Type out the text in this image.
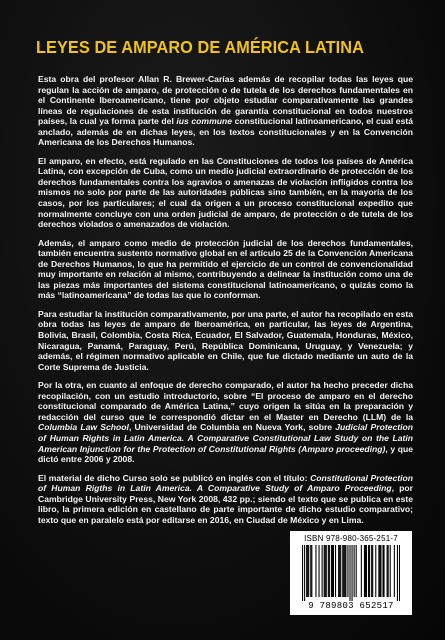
LEYES DE AMPARO DE AMÉRICA LATINA

Esta obra del profesor Allan R. Brewer-Carías además de recopilar todas las leyes que regulan la acción de amparo, de protección o de tutela de los derechos fundamentales en el Continente Iberoamericano, tiene por objeto estudiar comparativamente las grandes líneas de regulaciones de esta institución de garantía constitucional en todos nuestros países, la cual ya forma parte del ius commune constitucional latinoamericano, el cual está anclado, además de en dichas leyes, en los textos constitucionales y en la Convención Americana de los Derechos Humanos.

El amparo, en efecto, está regulado en las Constituciones de todos los países de América Latina, con excepción de Cuba, como un medio judicial extraordinario de protección de los derechos fundamentales contra los agravios o amenazas de violación infligidos contra los mismos no solo por parte de las autoridades públicas sino también, en la mayoría de los casos, por los particulares; el cual da origen a un proceso constitucional expedito que normalmente concluye con una orden judicial de amparo, de protección o de tutela de los derechos violados o amenazados de violación.

Además, el amparo como medio de protección judicial de los derechos fundamentales, también encuentra sustento normativo global en el artículo 25 de la Convención Americana de Derechos Humanos, lo que ha permitido el ejercicio de un control de convencionalidad muy importante en relación al mismo, contribuyendo a delinear la institución como una de las piezas más importantes del sistema constitucional latinoamericano, o quizás como la más “latinoamericana” de todas las que lo conforman.

Para estudiar la institución comparativamente, por una parte, el autor ha recopilado en esta obra todas las leyes de amparo de Iberoamérica, en particular, las leyes de Argentina, Bolivia, Brasil, Colombia, Costa Rica, Ecuador, El Salvador, Guatemala, Honduras, México, Nicaragua, Panamá, Paraguay, Perú, República Dominicana, Uruguay, y Venezuela; y además, el régimen normativo aplicable en Chile, que fue dictado mediante un auto de la Corte Suprema de Justicia.

Por la otra, en cuanto al enfoque de derecho comparado, el autor ha hecho preceder dicha recopilación, con un estudio introductorio, sobre “El proceso de amparo en el derecho constitucional comparado de América Latina,” cuyo origen la sitúa en la preparación y redacción del curso que le correspondió dictar en el Master en Derecho (LLM) de la Columbia Law School, Universidad de Columbia en Nueva York, sobre Judicial Protection of Human Rights in Latin America. A Comparative Constitutional Law Study on the Latin American Injunction for the Protection of Constitutional Rights (Amparo proceeding), y que dictó entre 2006 y 2008.

El material de dicho Curso solo se publicó en inglés con el título: Constitutional Protection of Human Rigths in Latin America. A Comparative Study of Amparo Proceeding, por Cambridge University Press, New York 2008, 432 pp.; siendo el texto que se publica en este libro, la primera edición en castellano de parte importante de dicho estudio comparativo; texto que en paralelo está por editarse en 2016, en Ciudad de México y en Lima.

ISBN 978-980-365-251-7
9 789803 652517
